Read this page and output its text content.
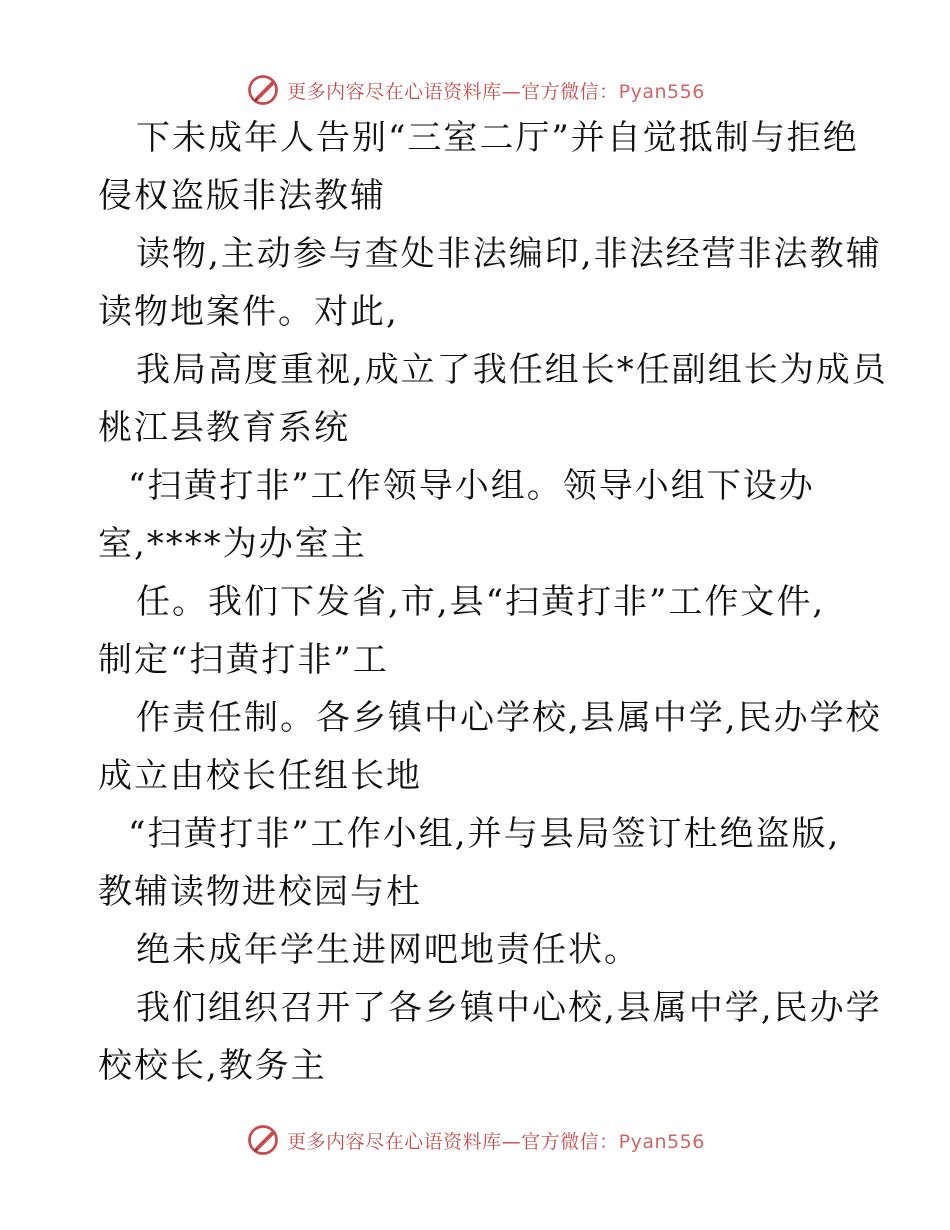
更多内容尽在心语资料库—官方微信：Pyan556
下未成年人告别“三室二厅”并自觉抵制与拒绝
侵权盗版非法教辅
读物,主动参与查处非法编印,非法经营非法教辅
读物地案件。对此,
我局高度重视,成立了我任组长*任副组长为成员
桃江县教育系统
“扫黄打非”工作领导小组。领导小组下设办
室,****为办室主
任。我们下发省,市,县“扫黄打非”工作文件,
制定“扫黄打非”工
作责任制。各乡镇中心学校,县属中学,民办学校
成立由校长任组长地
“扫黄打非”工作小组,并与县局签订杜绝盗版,
教辅读物进校园与杜
绝未成年学生进网吧地责任状。
我们组织召开了各乡镇中心校,县属中学,民办学
校校长,教务主
更多内容尽在心语资料库—官方微信：Pyan556
